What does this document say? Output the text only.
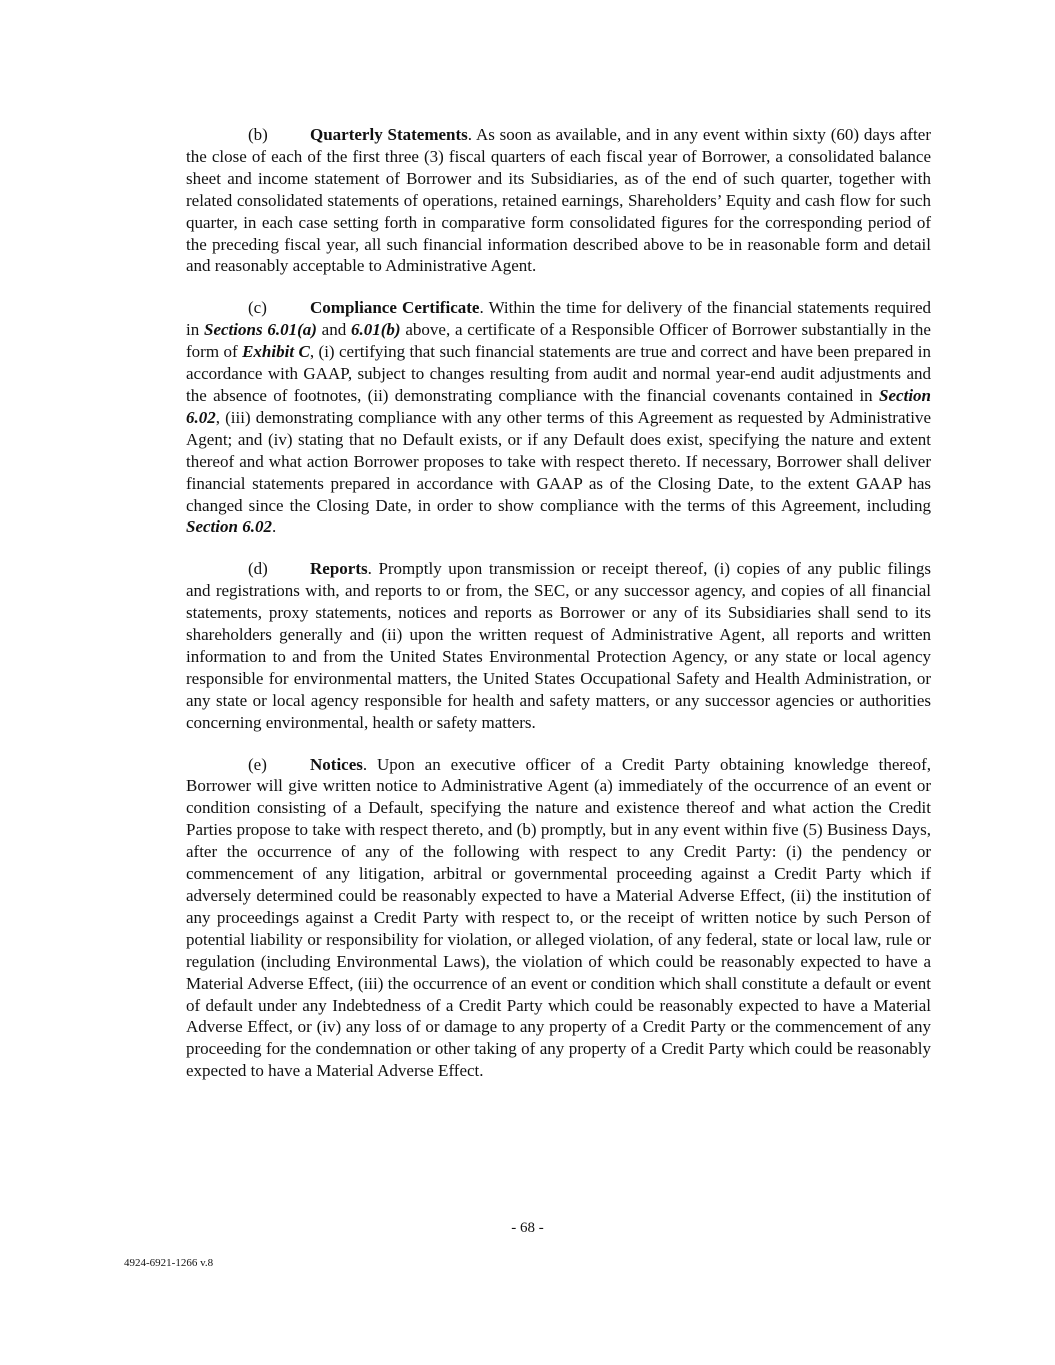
(b) Quarterly Statements. As soon as available, and in any event within sixty (60) days after the close of each of the first three (3) fiscal quarters of each fiscal year of Borrower, a consolidated balance sheet and income statement of Borrower and its Subsidiaries, as of the end of such quarter, together with related consolidated statements of operations, retained earnings, Shareholders’ Equity and cash flow for such quarter, in each case setting forth in comparative form consolidated figures for the corresponding period of the preceding fiscal year, all such financial information described above to be in reasonable form and detail and reasonably acceptable to Administrative Agent.

(c)	Compliance Certificate. Within the time for delivery of the financial statements required in Sections 6.01(a) and 6.01(b) above, a certificate of a Responsible Officer of Borrower substantially in the form of Exhibit C, (i) certifying that such financial statements are true and correct and have been prepared in accordance with GAAP, subject to changes resulting from audit and normal year-end audit adjustments and the absence of footnotes, (ii) demonstrating compliance with the financial covenants contained in Section 6.02, (iii) demonstrating compliance with any other terms of this Agreement as requested by Administrative Agent; and (iv) stating that no Default exists, or if any Default does exist, specifying the nature and extent thereof and what action Borrower proposes to take with respect thereto. If necessary, Borrower shall deliver financial statements prepared in accordance with GAAP as of the Closing Date, to the extent GAAP has changed since the Closing Date, in order to show compliance with the terms of this Agreement, including Section 6.02.

(d) Reports. Promptly upon transmission or receipt thereof, (i) copies of any public filings and registrations with, and reports to or from, the SEC, or any successor agency, and copies of all financial statements, proxy statements, notices and reports as Borrower or any of its Subsidiaries shall send to its shareholders generally and (ii) upon the written request of Administrative Agent, all reports and written information to and from the United States Environmental Protection Agency, or any state or local agency responsible for environmental matters, the United States Occupational Safety and Health Administration, or any state or local agency responsible for health and safety matters, or any successor agencies or authorities concerning environmental, health or safety matters.

(e)	Notices. Upon an executive officer of a Credit Party obtaining knowledge thereof, Borrower will give written notice to Administrative Agent (a) immediately of the occurrence of an event or condition consisting of a Default, specifying the nature and existence thereof and what action the Credit Parties propose to take with respect thereto, and (b) promptly, but in any event within five (5) Business Days, after the occurrence of any of the following with respect to any Credit Party: (i) the pendency or commencement of any litigation, arbitral or governmental proceeding against a Credit Party which if adversely determined could be reasonably expected to have a Material Adverse Effect, (ii) the institution of any proceedings against a Credit Party with respect to, or the receipt of written notice by such Person of potential liability or responsibility for violation, or alleged violation, of any federal, state or local law, rule or regulation (including Environmental Laws), the violation of which could be reasonably expected to have a Material Adverse Effect, (iii) the occurrence of an event or condition which shall constitute a default or event of default under any Indebtedness of a Credit Party which could be reasonably expected to have a Material Adverse Effect, or (iv) any loss of or damage to any property of a Credit Party or the commencement of any proceeding for the condemnation or other taking of any property of a Credit Party which could be reasonably expected to have a Material Adverse Effect.

- 68 -
4924-6921-1266 v.8
